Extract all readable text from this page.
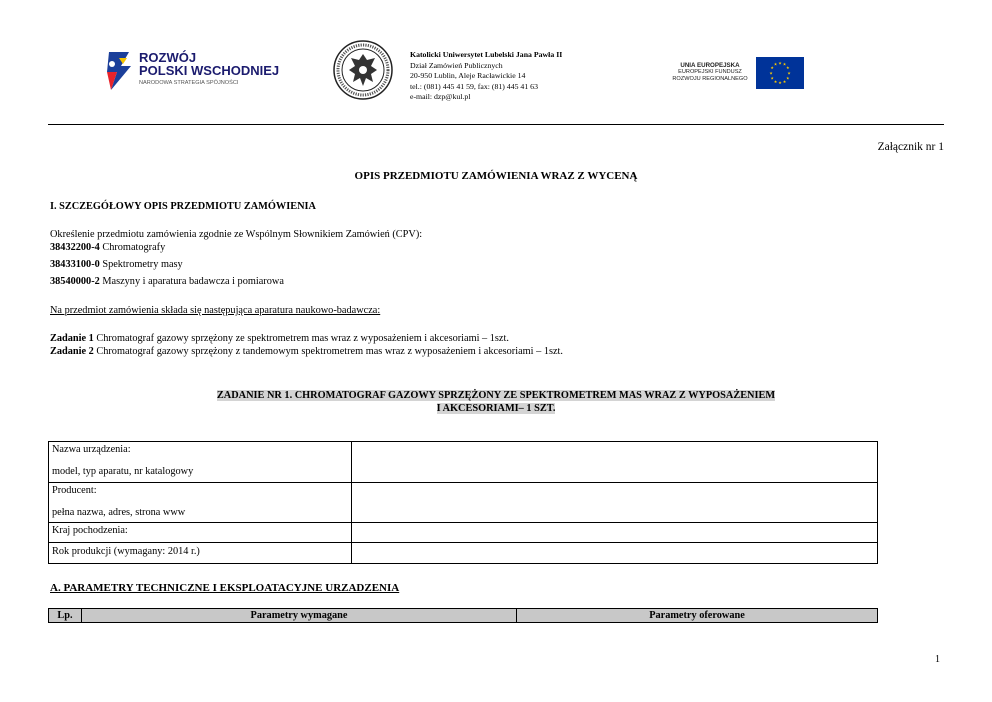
ROZWÓJ
POLSKI WSCHODNIEJ
NARODOWA STRATEGIA SPÓJNOŚCI
Katolicki Uniwersytet Lubelski Jana Pawła II
Dział Zamówień Publicznych
20-950 Lublin, Aleje Racławickie 14
tel.: (081) 445 41 59, fax: (81) 445 41 63
e-mail: dzp@kul.pl
UNIA EUROPEJSKA
EUROPEJSKI FUNDUSZ
ROZWOJU REGIONALNEGO
★ ★
★
★
★
★
★
★
★
★
★
★
Załącznik nr 1
OPIS PRZEDMIOTU ZAMÓWIENIA WRAZ Z WYCENĄ
I. SZCZEGÓŁOWY OPIS PRZEDMIOTU ZAMÓWIENIA
Określenie przedmiotu zamówienia zgodnie ze Wspólnym Słownikiem Zamówień (CPV):
38432200-4 Chromatografy
38433100-0 Spektrometry masy
38540000-2 Maszyny i aparatura badawcza i pomiarowa
Na przedmiot zamówienia składa się następująca aparatura naukowo-badawcza:
Zadanie 1 Chromatograf gazowy sprzężony ze spektrometrem mas wraz z wyposażeniem i akcesoriami – 1szt.
Zadanie 2 Chromatograf gazowy sprzężony z tandemowym spektrometrem mas wraz z wyposażeniem i akcesoriami – 1szt.
ZADANIE NR 1. CHROMATOGRAF GAZOWY SPRZĘŻONY ZE SPEKTROMETREM MAS WRAZ Z WYPOSAŻENIEM
I AKCESORIAMI– 1 SZT.
Nazwa urządzenia:
model, typ aparatu, nr katalogowy	

Producent:
pełna nazwa, adres, strona www	

Kraj pochodzenia:	

Rok produkcji (wymagany: 2014 r.)	

A. PARAMETRY TECHNICZNE I EKSPLOATACYJNE URZADZENIA
Lp.	Parametry wymagane	Parametry oferowane
1
